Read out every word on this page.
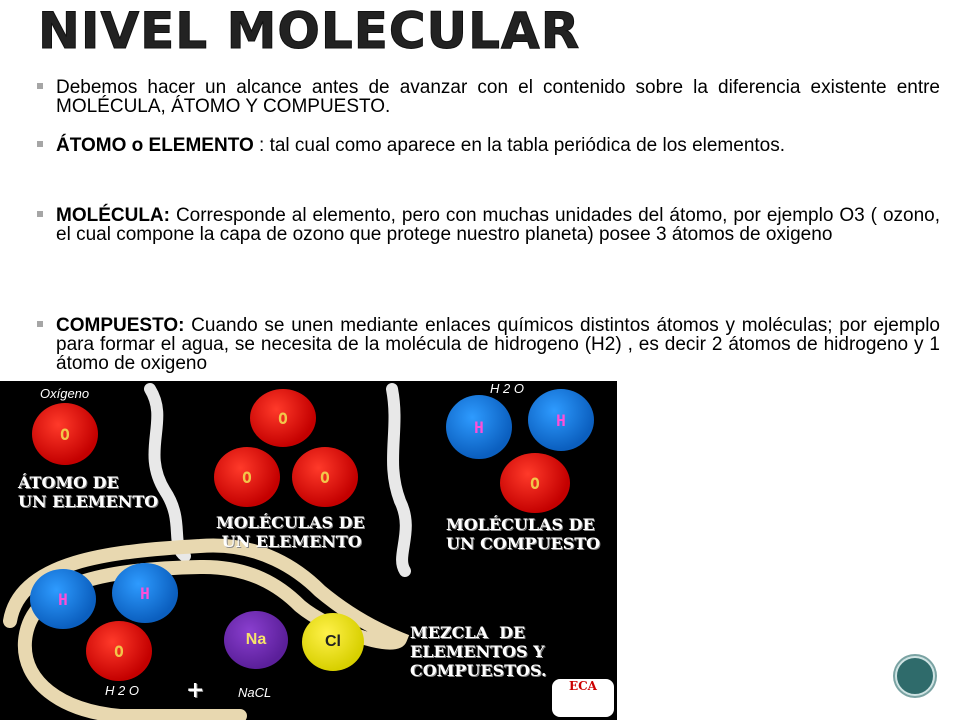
NIVEL MOLECULAR
Debemos hacer un alcance antes de avanzar con el contenido sobre la diferencia existente entre MOLÉCULA, ÁTOMO Y COMPUESTO.
ÁTOMO o ELEMENTO : tal cual como aparece en la tabla periódica de los elementos.
MOLÉCULA: Corresponde al elemento, pero con muchas unidades del átomo, por ejemplo O3 ( ozono, el cual compone la capa de ozono que protege nuestro planeta) posee 3 átomos de oxigeno
COMPUESTO: Cuando se unen mediante enlaces químicos distintos átomos y moléculas; por ejemplo para formar el agua, se necesita de la molécula de hidrogeno (H2) , es decir 2 átomos de hidrogeno y 1 átomo de oxigeno
Oxígeno
O
ÁTOMO DE
UN ELEMENTO
O
O	O
MOLÉCULAS DE
UN ELEMENTO
H 2 O
H	H
O
MOLÉCULAS DE
UN COMPUESTO
H	H
O
H 2 O +
Na	Cl
NaCL
MEZCLA  DE
ELEMENTOS Y
COMPUESTOS.
ECA
